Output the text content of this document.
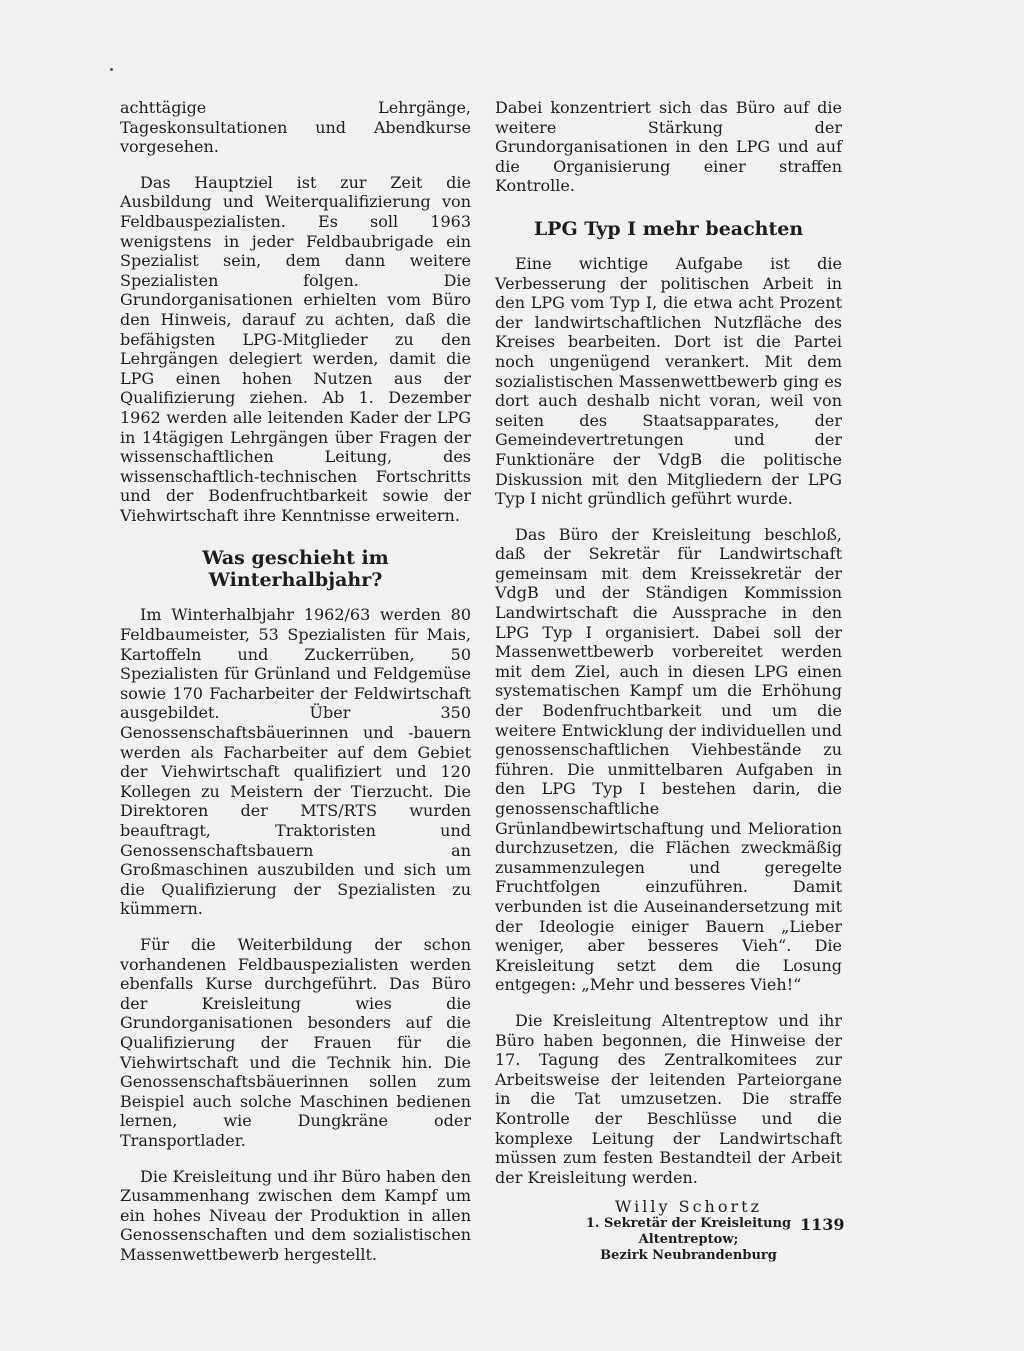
achttägige Lehrgänge, Tageskonsultationen und Abendkurse vorgesehen.

Das Hauptziel ist zur Zeit die Ausbildung und Weiterqualifizierung von Feldbauspezialisten. Es soll 1963 wenigstens in jeder Feldbaubrigade ein Spezialist sein, dem dann weitere Spezialisten folgen. Die Grundorganisationen erhielten vom Büro den Hinweis, darauf zu achten, daß die befähigsten LPG-Mitglieder zu den Lehrgängen delegiert werden, damit die LPG einen hohen Nutzen aus der Qualifizierung ziehen. Ab 1. Dezember 1962 werden alle leitenden Kader der LPG in 14tägigen Lehrgängen über Fragen der wissenschaftlichen Leitung, des wissenschaftlich-technischen Fortschritts und der Bodenfruchtbarkeit sowie der Viehwirtschaft ihre Kenntnisse erweitern.

Was geschieht im Winterhalbjahr?

Im Winterhalbjahr 1962/63 werden 80 Feldbaumeister, 53 Spezialisten für Mais, Kartoffeln und Zuckerrüben, 50 Spezialisten für Grünland und Feldgemüse sowie 170 Facharbeiter der Feldwirtschaft ausgebildet. Über 350 Genossenschaftsbäuerinnen und -bauern werden als Facharbeiter auf dem Gebiet der Viehwirtschaft qualifiziert und 120 Kollegen zu Meistern der Tierzucht. Die Direktoren der MTS/RTS wurden beauftragt, Traktoristen und Genossenschaftsbauern an Großmaschinen auszubilden und sich um die Qualifizierung der Spezialisten zu kümmern.

Für die Weiterbildung der schon vorhandenen Feldbauspezialisten werden ebenfalls Kurse durchgeführt. Das Büro der Kreisleitung wies die Grundorganisationen besonders auf die Qualifizierung der Frauen für die Viehwirtschaft und die Technik hin. Die Genossenschaftsbäuerinnen sollen zum Beispiel auch solche Maschinen bedienen lernen, wie Dungkräne oder Transportlader.

Die Kreisleitung und ihr Büro haben den Zusammenhang zwischen dem Kampf um ein hohes Niveau der Produktion in allen Genossenschaften und dem sozialistischen Massenwettbewerb hergestellt.

Dabei konzentriert sich das Büro auf die weitere Stärkung der Grundorganisationen in den LPG und auf die Organisierung einer straffen Kontrolle.

LPG Typ I mehr beachten

Eine wichtige Aufgabe ist die Verbesserung der politischen Arbeit in den LPG vom Typ I, die etwa acht Prozent der landwirtschaftlichen Nutzfläche des Kreises bearbeiten. Dort ist die Partei noch ungenügend verankert. Mit dem sozialistischen Massenwettbewerb ging es dort auch deshalb nicht voran, weil von seiten des Staatsapparates, der Gemeindevertretungen und der Funktionäre der VdgB die politische Diskussion mit den Mitgliedern der LPG Typ I nicht gründlich geführt wurde.

Das Büro der Kreisleitung beschloß, daß der Sekretär für Landwirtschaft gemeinsam mit dem Kreissekretär der VdgB und der Ständigen Kommission Landwirtschaft die Aussprache in den LPG Typ I organisiert. Dabei soll der Massenwettbewerb vorbereitet werden mit dem Ziel, auch in diesen LPG einen systematischen Kampf um die Erhöhung der Bodenfruchtbarkeit und um die weitere Entwicklung der individuellen und genossenschaftlichen Viehbestände zu führen. Die unmittelbaren Aufgaben in den LPG Typ I bestehen darin, die genossenschaftliche Grünlandbewirtschaftung und Melioration durchzusetzen, die Flächen zweckmäßig zusammenzulegen und geregelte Fruchtfolgen einzuführen. Damit verbunden ist die Auseinandersetzung mit der Ideologie einiger Bauern „Lieber weniger, aber besseres Vieh“. Die Kreisleitung setzt dem die Losung entgegen: „Mehr und besseres Vieh!“

Die Kreisleitung Altentreptow und ihr Büro haben begonnen, die Hinweise der 17. Tagung des Zentralkomitees zur Arbeitsweise der leitenden Parteiorgane in die Tat umzusetzen. Die straffe Kontrolle der Beschlüsse und die komplexe Leitung der Landwirtschaft müssen zum festen Bestandteil der Arbeit der Kreisleitung werden.

Willy Schortz
1. Sekretär der Kreisleitung Altentreptow;
Bezirk Neubrandenburg
1139
